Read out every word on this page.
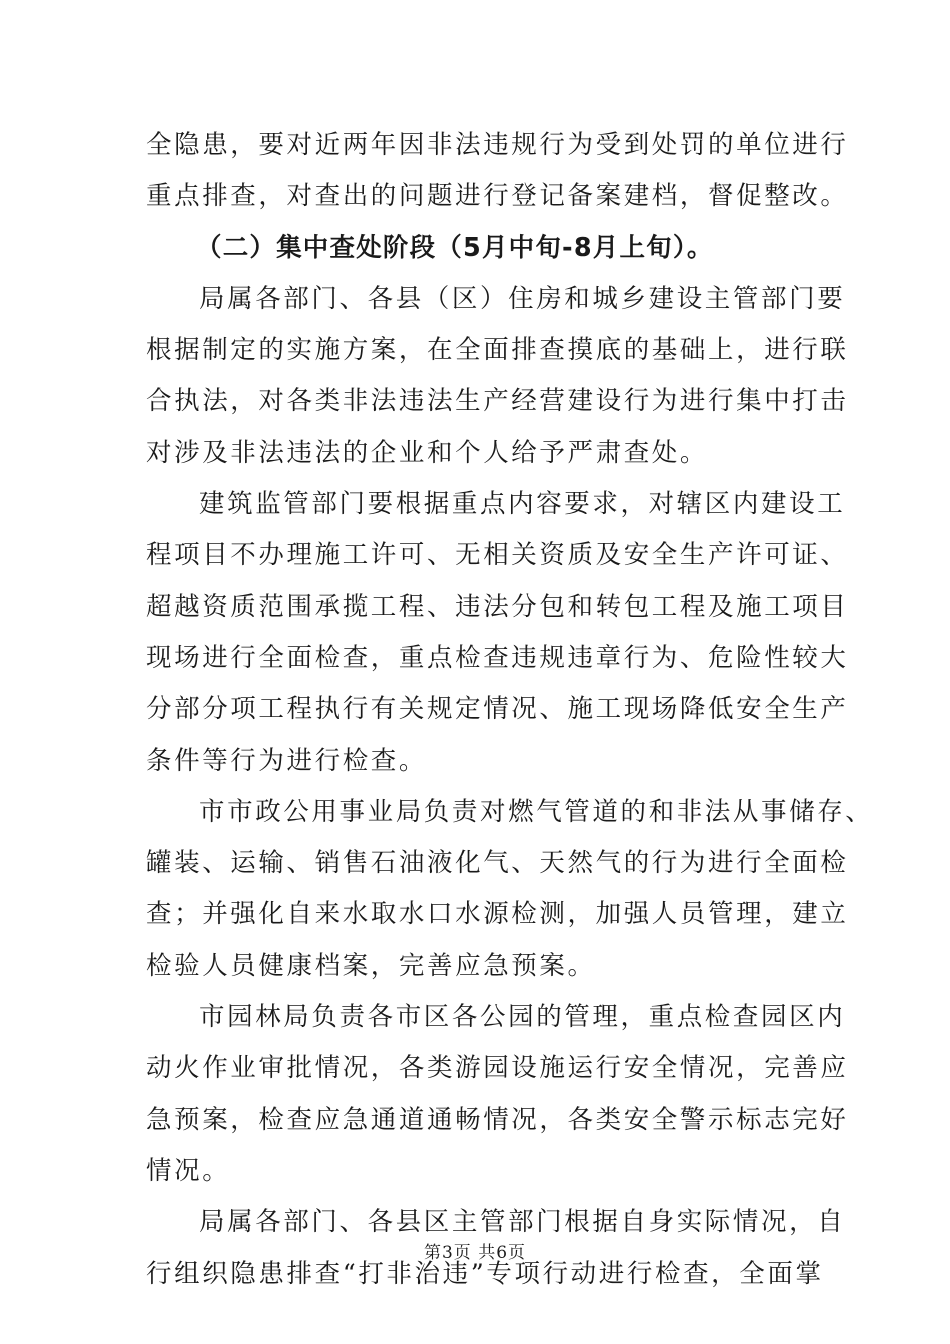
全隐患，要对近两年因非法违规行为受到处罚的单位进行
重点排查，对查出的问题进行登记备案建档，督促整改。
（二）集中查处阶段（5月中旬-8月上旬）。
局属各部门、各县（区）住房和城乡建设主管部门要
根据制定的实施方案，在全面排查摸底的基础上，进行联
合执法，对各类非法违法生产经营建设行为进行集中打击
对涉及非法违法的企业和个人给予严肃查处。
建筑监管部门要根据重点内容要求，对辖区内建设工
程项目不办理施工许可、无相关资质及安全生产许可证、
超越资质范围承揽工程、违法分包和转包工程及施工项目
现场进行全面检查，重点检查违规违章行为、危险性较大
分部分项工程执行有关规定情况、施工现场降低安全生产
条件等行为进行检查。
市市政公用事业局负责对燃气管道的和非法从事储存、
罐装、运输、销售石油液化气、天然气的行为进行全面检
查；并强化自来水取水口水源检测，加强人员管理，建立
检验人员健康档案，完善应急预案。
市园林局负责各市区各公园的管理，重点检查园区内
动火作业审批情况，各类游园设施运行安全情况，完善应
急预案，检查应急通道通畅情况，各类安全警示标志完好
情况。
局属各部门、各县区主管部门根据自身实际情况，自
行组织隐患排查“打非治违”专项行动进行检查，全面掌
第3页 共6页
